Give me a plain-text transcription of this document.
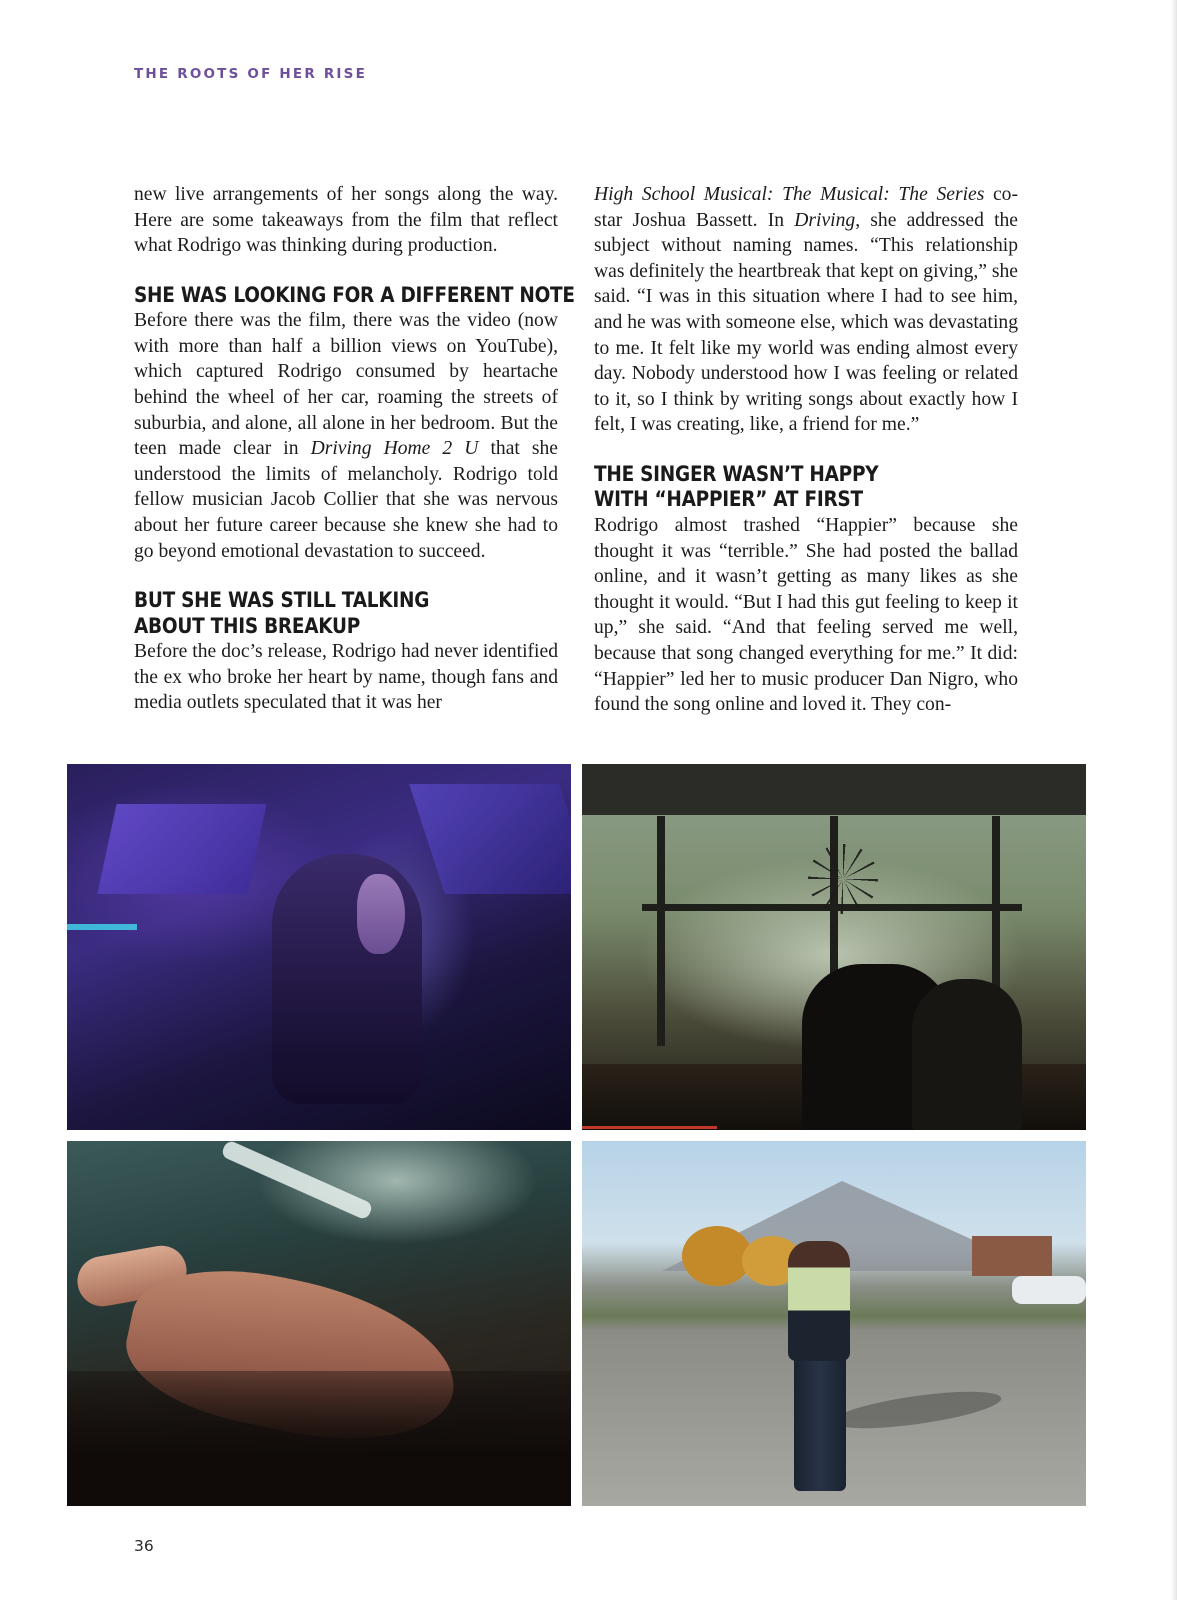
THE ROOTS OF HER RISE

new live arrangements of her songs along the way. Here are some takeaways from the film that reflect what Rodrigo was thinking during production.

SHE WAS LOOKING FOR A DIFFERENT NOTE

Before there was the film, there was the video (now with more than half a billion views on YouTube), which captured Rodrigo consumed by heartache behind the wheel of her car, roaming the streets of suburbia, and alone, all alone in her bedroom. But the teen made clear in Driving Home 2 U that she understood the limits of melancholy. Rodrigo told fellow musician Jacob Collier that she was nervous about her future career because she knew she had to go beyond emotional devastation to succeed.

BUT SHE WAS STILL TALKING
ABOUT THIS BREAKUP

Before the doc’s release, Rodrigo had never identified the ex who broke her heart by name, though fans and media outlets speculated that it was her

High School Musical: The Musical: The Series co-star Joshua Bassett. In Driving, she addressed the subject without naming names. “This relationship was definitely the heartbreak that kept on giving,” she said. “I was in this situation where I had to see him, and he was with someone else, which was devastating to me. It felt like my world was ending almost every day. Nobody understood how I was feeling or related to it, so I think by writing songs about exactly how I felt, I was creating, like, a friend for me.”

THE SINGER WASN’T HAPPY
WITH “HAPPIER” AT FIRST

Rodrigo almost trashed “Happier” because she thought it was “terrible.” She had posted the ballad online, and it wasn’t getting as many likes as she thought it would. “But I had this gut feeling to keep it up,” she said. “And that feeling served me well, because that song changed everything for me.” It did: “Happier” led her to music producer Dan Nigro, who found the song online and loved it. They con-

36
